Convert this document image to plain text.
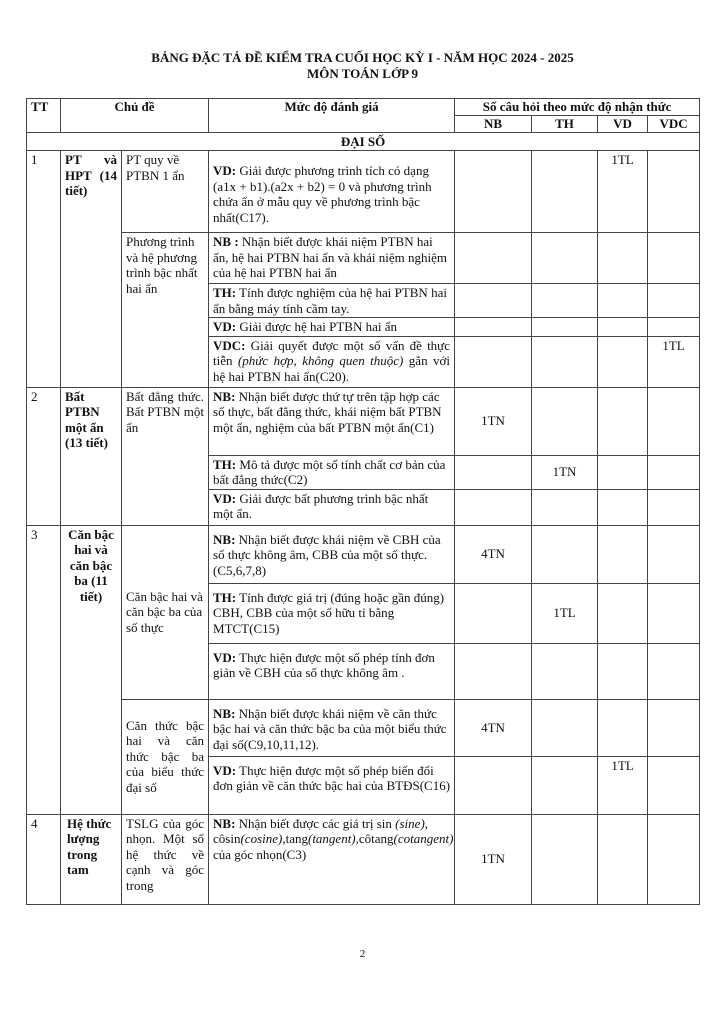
BẢNG ĐẶC TẢ ĐỀ KIỂM TRA CUỐI HỌC KỲ I - NĂM HỌC 2024 - 2025
MÔN TOÁN LỚP 9
TT	Chủ đề		Mức độ đánh giá	Số câu hỏi theo mức độ nhận thức			
				NB	TH	VD	VDC
ĐẠI SỐ							
1	PT và HPT (14 tiết)	PT quy về PTBN 1 ẩn	VD: Giải được phương trình tích có dạng (a1x + b1).(a2x + b2) = 0 và phương trình chứa ẩn ở mẫu quy về phương trình bậc nhất(C17).			1TL	
		Phương trình và hệ phương trình bậc nhất hai ẩn	NB : Nhận biết được khái niệm PTBN hai ẩn, hệ hai PTBN hai ẩn và khái niệm nghiệm của hệ hai PTBN hai ẩn				
			TH: Tính được nghiệm của hệ hai PTBN hai ẩn bằng máy tính cầm tay.				
			VD: Giải được hệ hai PTBN hai ẩn				
			VDC: Giải quyết được một số vấn đề thực tiễn (phức hợp, không quen thuộc) gắn với hệ hai PTBN hai ẩn(C20).				1TL
2	Bất PTBN một ẩn (13 tiết)	Bất đẳng thức. Bất PTBN một ẩn	NB: Nhận biết được thứ tự trên tập hợp các số thực, bất đẳng thức, khái niệm bất PTBN một ẩn, nghiệm của bất PTBN một ẩn(C1)	1TN			
			TH: Mô tả được một số tính chất cơ bản của bất đẳng thức(C2)		1TN		
			VD: Giải được bất phương trình bậc nhất một ẩn.				
3	Căn bậc hai và căn bậc ba (11 tiết)	Căn bậc hai và căn bậc ba của số thực	NB: Nhận biết được khái niệm về CBH của số thực không âm, CBB của một số thực.(C5,6,7,8)	4TN			
			TH: Tính được giá trị (đúng hoặc gần đúng) CBH, CBB của một số hữu tỉ bằng MTCT(C15)		1TL		
			VD: Thực hiện được một số phép tính đơn giản về CBH của số thực không âm .				
		Căn thức bậc hai và căn thức bậc ba của biểu thức đại số	NB: Nhận biết được khái niệm về căn thức bậc hai và căn thức bậc ba của một biểu thức đại số(C9,10,11,12).	4TN			
			VD: Thực hiện được một số phép biến đổi đơn giản về căn thức bậc hai của BTĐS(C16)			1TL	
4	Hệ thức lượng trong tam	TSLG của góc nhọn. Một số hệ thức về cạnh và góc trong	NB: Nhận biết được các giá trị sin (sine), côsin(cosine),tang(tangent),côtang(cotangent) của góc nhọn(C3)	1TN			
2
